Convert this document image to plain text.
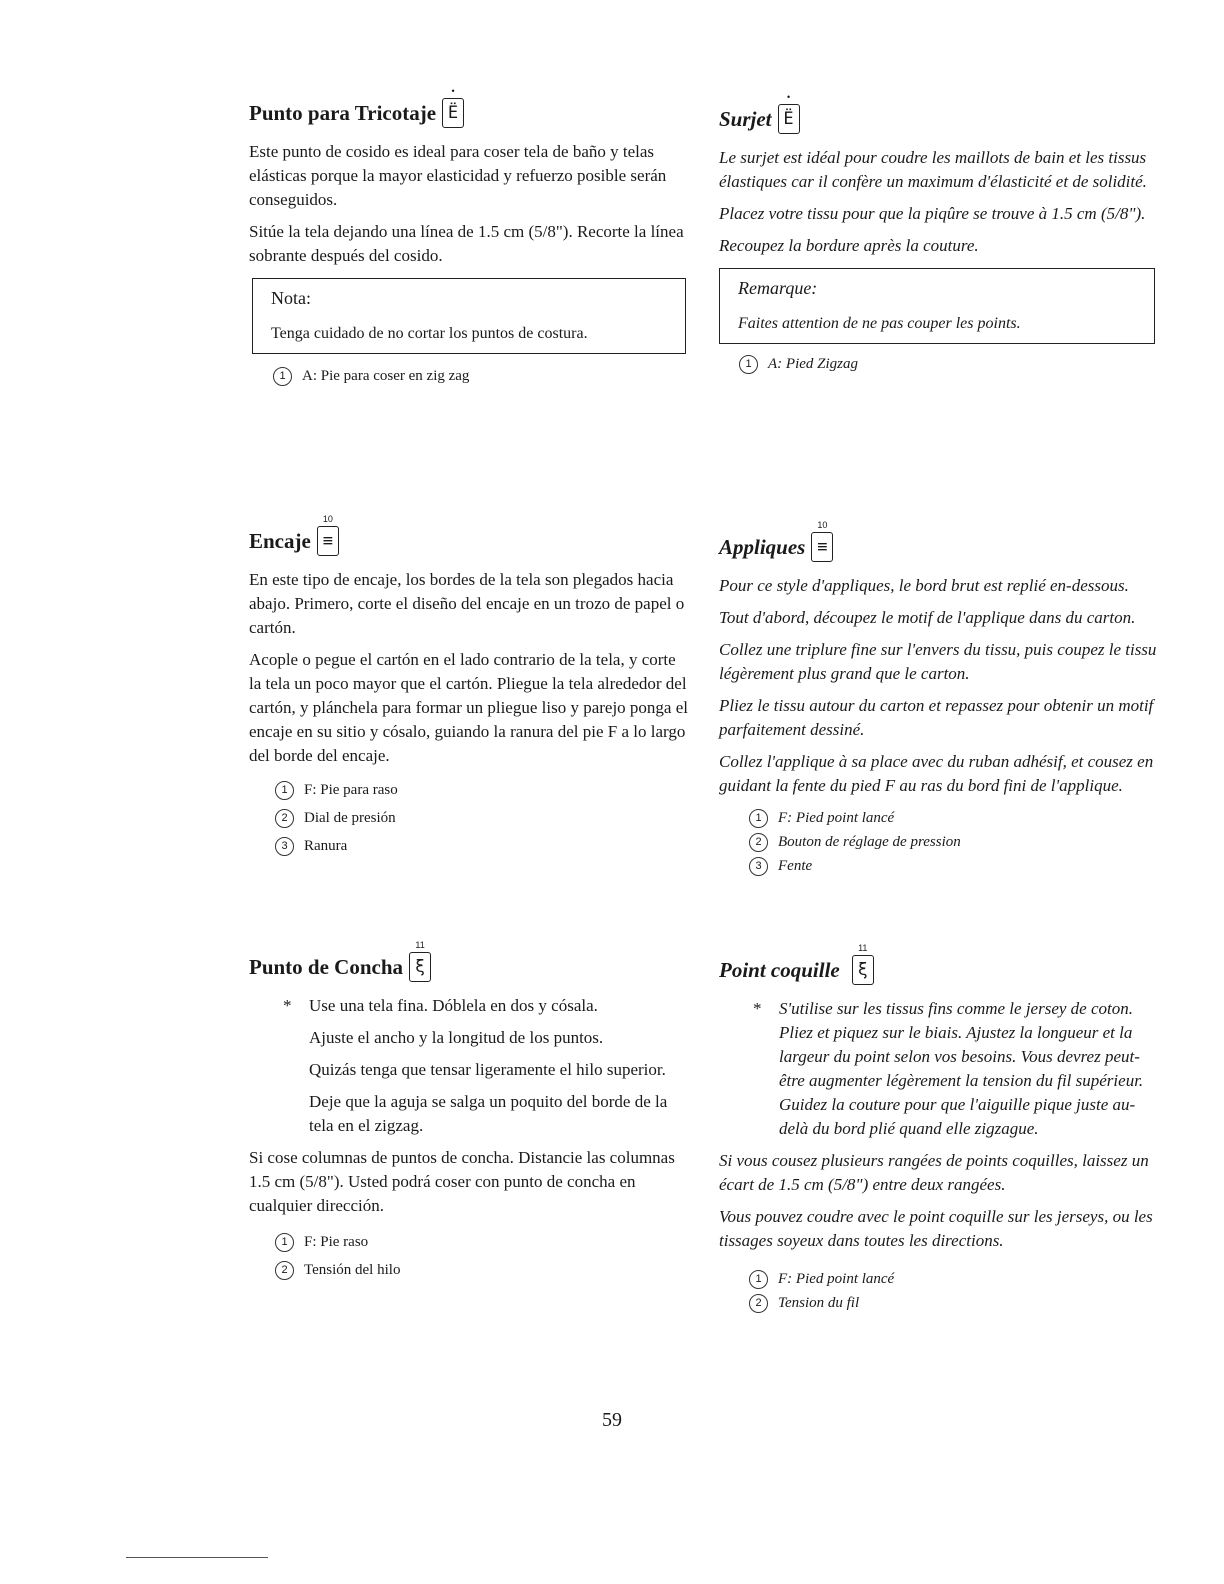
Punto para Tricotaje
•
Ë

Este punto de cosido es ideal para coser tela de baño y telas elásticas porque la mayor elasticidad y refuerzo posible serán conseguidos.

Sitúe la tela dejando una línea de 1.5 cm (5/8"). Recorte la línea sobrante después del cosido.

Nota:
Tenga cuidado de no cortar los puntos de costura.
1	A: Pie para coser en zig zag
Encaje
10
≡

En este tipo de encaje, los bordes de la tela son plegados hacia abajo. Primero, corte el diseño del encaje en un trozo de papel o cartón.

Acople o pegue el cartón en el lado contrario de la tela, y corte la tela un poco mayor que el cartón. Pliegue la tela alrededor del cartón, y plánchela para formar un pliegue liso y parejo ponga el encaje en su sitio y cósalo, guiando la ranura del pie F a lo largo del borde del encaje.

1	F: Pie para raso
2	Dial de presión
3	Ranura
Punto de Concha
11
ξ
* Use una tela fina. Dóblela en dos y cósala.

Ajuste el ancho y la longitud de los puntos.

Quizás tenga que tensar ligeramente el hilo superior.

Deje que la aguja se salga un poquito del borde de la tela en el zigzag.

Si cose columnas de puntos de concha. Distancie las columnas 1.5 cm (5/8"). Usted podrá coser con punto de concha en cualquier dirección.

1	F: Pie raso
2	Tensión del hilo
Surjet
•
Ë

Le surjet est idéal pour coudre les maillots de bain et les tissus élastiques car il confère un maximum d'élasticité et de solidité.

Placez votre tissu pour que la piqûre se trouve à 1.5 cm (5/8").

Recoupez la bordure après la couture.

Remarque:
Faites attention de ne pas couper les points.
1	A: Pied Zigzag
Appliques
10
≡

Pour ce style d'appliques, le bord brut est replié en-dessous.

Tout d'abord, découpez le motif de l'applique dans du carton.

Collez une triplure fine sur l'envers du tissu, puis coupez le tissu légèrement plus grand que le carton.

Pliez le tissu autour du carton et repassez pour obtenir un motif parfaitement dessiné.

Collez l'applique à sa place avec du ruban adhésif, et cousez en guidant la fente du pied F au ras du bord fini de l'applique.

1	F: Pied point lancé
2	Bouton de réglage de pression
3	Fente
Point coquille
11
ξ
* S'utilise sur les tissus fins comme le jersey de coton. Pliez et piquez sur le biais. Ajustez la longueur et la largeur du point selon vos besoins. Vous devrez peut-être augmenter légèrement la tension du fil supérieur. Guidez la couture pour que l'aiguille pique juste au-delà du bord plié quand elle zigzague.

Si vous cousez plusieurs rangées de points coquilles, laissez un écart de 1.5 cm (5/8") entre deux rangées.

Vous pouvez coudre avec le point coquille sur les jerseys, ou les tissages soyeux dans toutes les directions.

1	F: Pied point lancé
2	Tension du fil
59
